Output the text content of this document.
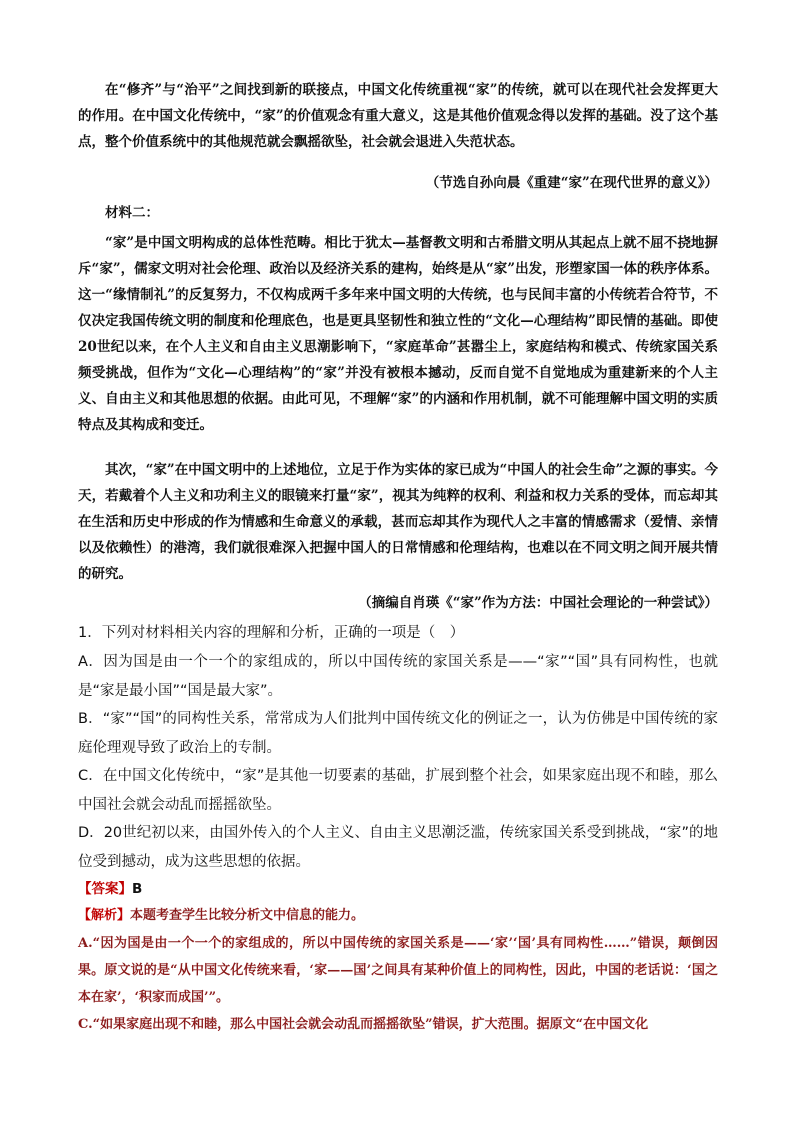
在“修齐”与“治平”之间找到新的联接点，中国文化传统重视“家”的传统，就可以在现代社会发挥更大的作用。在中国文化传统中，“家”的价值观念有重大意义，这是其他价值观念得以发挥的基础。没了这个基点，整个价值系统中的其他规范就会飘摇欲坠，社会就会退进入失范状态。

（节选自孙向晨《重建“家”在现代世界的意义》）

材料二：

“家”是中国文明构成的总体性范畴。相比于犹太—基督教文明和古希腊文明从其起点上就不屈不挠地摒斥“家”，儒家文明对社会伦理、政治以及经济关系的建构，始终是从“家”出发，形塑家国一体的秩序体系。这一“缘情制礼”的反复努力，不仅构成两千多年来中国文明的大传统，也与民间丰富的小传统若合符节，不仅决定我国传统文明的制度和伦理底色，也是更具坚韧性和独立性的“文化—心理结构”即民情的基础。即使20世纪以来，在个人主义和自由主义思潮影响下，“家庭革命”甚嚣尘上，家庭结构和模式、传统家国关系频受挑战，但作为“文化—心理结构”的“家”并没有被根本撼动，反而自觉不自觉地成为重建新来的个人主义、自由主义和其他思想的依据。由此可见，不理解“家”的内涵和作用机制，就不可能理解中国文明的实质特点及其构成和变迁。

其次，“家”在中国文明中的上述地位，立足于作为实体的家已成为“中国人的社会生命”之源的事实。今天，若戴着个人主义和功利主义的眼镜来打量“家”，视其为纯粹的权利、利益和权力关系的受体，而忘却其在生活和历史中形成的作为情感和生命意义的承载，甚而忘却其作为现代人之丰富的情感需求（爱情、亲情以及依赖性）的港湾，我们就很难深入把握中国人的日常情感和伦理结构，也难以在不同文明之间开展共情的研究。

（摘编自肖瑛《“家”作为方法：中国社会理论的一种尝试》）

1．下列对材料相关内容的理解和分析，正确的一项是（　）

A．因为国是由一个一个的家组成的，所以中国传统的家国关系是——“家”“国”具有同构性，也就是“家是最小国”“国是最大家”。

B．“家”“国”的同构性关系，常常成为人们批判中国传统文化的例证之一，认为仿佛是中国传统的家庭伦理观导致了政治上的专制。

C．在中国文化传统中，“家”是其他一切要素的基础，扩展到整个社会，如果家庭出现不和睦，那么中国社会就会动乱而摇摇欲坠。

D．20世纪初以来，由国外传入的个人主义、自由主义思潮泛滥，传统家国关系受到挑战，“家”的地位受到撼动，成为这些思想的依据。

【答案】B

【解析】本题考查学生比较分析文中信息的能力。

A.“因为国是由一个一个的家组成的，所以中国传统的家国关系是——‘家’‘国’具有同构性……”错误，颠倒因果。原文说的是“从中国文化传统来看，‘家——国’之间具有某种价值上的同构性，因此，中国的老话说：‘国之本在家’，‘积家而成国’”。

C.“如果家庭出现不和睦，那么中国社会就会动乱而摇摇欲坠”错误，扩大范围。据原文“在中国文化
